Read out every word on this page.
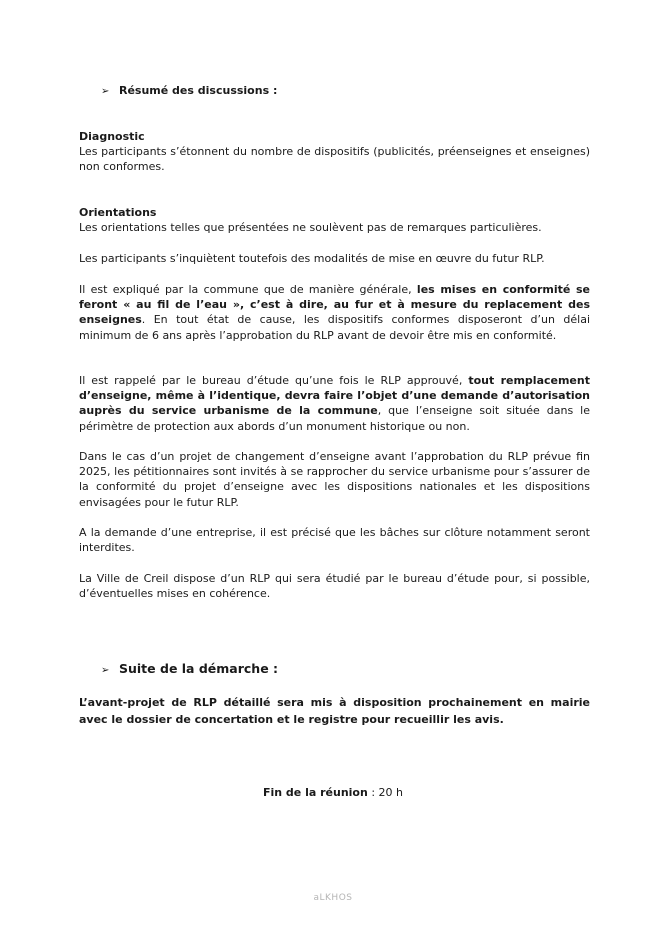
➢ Résumé des discussions :

Diagnostic

Les participants s’étonnent du nombre de dispositifs (publicités, préenseignes et enseignes) non conformes.

Orientations

Les orientations telles que présentées ne soulèvent pas de remarques particulières.

Les participants s’inquiètent toutefois des modalités de mise en œuvre du futur RLP.

Il est expliqué par la commune que de manière générale, les mises en conformité se feront « au fil de l’eau », c’est à dire, au fur et à mesure du replacement des enseignes. En tout état de cause, les dispositifs conformes disposeront d’un délai minimum de 6 ans après l’approbation du RLP avant de devoir être mis en conformité.

Il est rappelé par le bureau d’étude qu’une fois le RLP approuvé, tout remplacement d’enseigne, même à l’identique, devra faire l’objet d’une demande d’autorisation auprès du service urbanisme de la commune, que l’enseigne soit située dans le périmètre de protection aux abords d’un monument historique ou non.

Dans le cas d’un projet de changement d’enseigne avant l’approbation du RLP prévue fin 2025, les pétitionnaires sont invités à se rapprocher du service urbanisme pour s’assurer de la conformité du projet d’enseigne avec les dispositions nationales et les dispositions envisagées pour le futur RLP.

A la demande d’une entreprise, il est précisé que les bâches sur clôture notamment seront interdites.

La Ville de Creil dispose d’un RLP qui sera étudié par le bureau d’étude pour, si possible, d’éventuelles mises en cohérence.

➢ Suite de la démarche :

L’avant-projet de RLP détaillé sera mis à disposition prochainement en mairie avec le dossier de concertation et le registre pour recueillir les avis.

Fin de la réunion : 20 h
aLKHOS
